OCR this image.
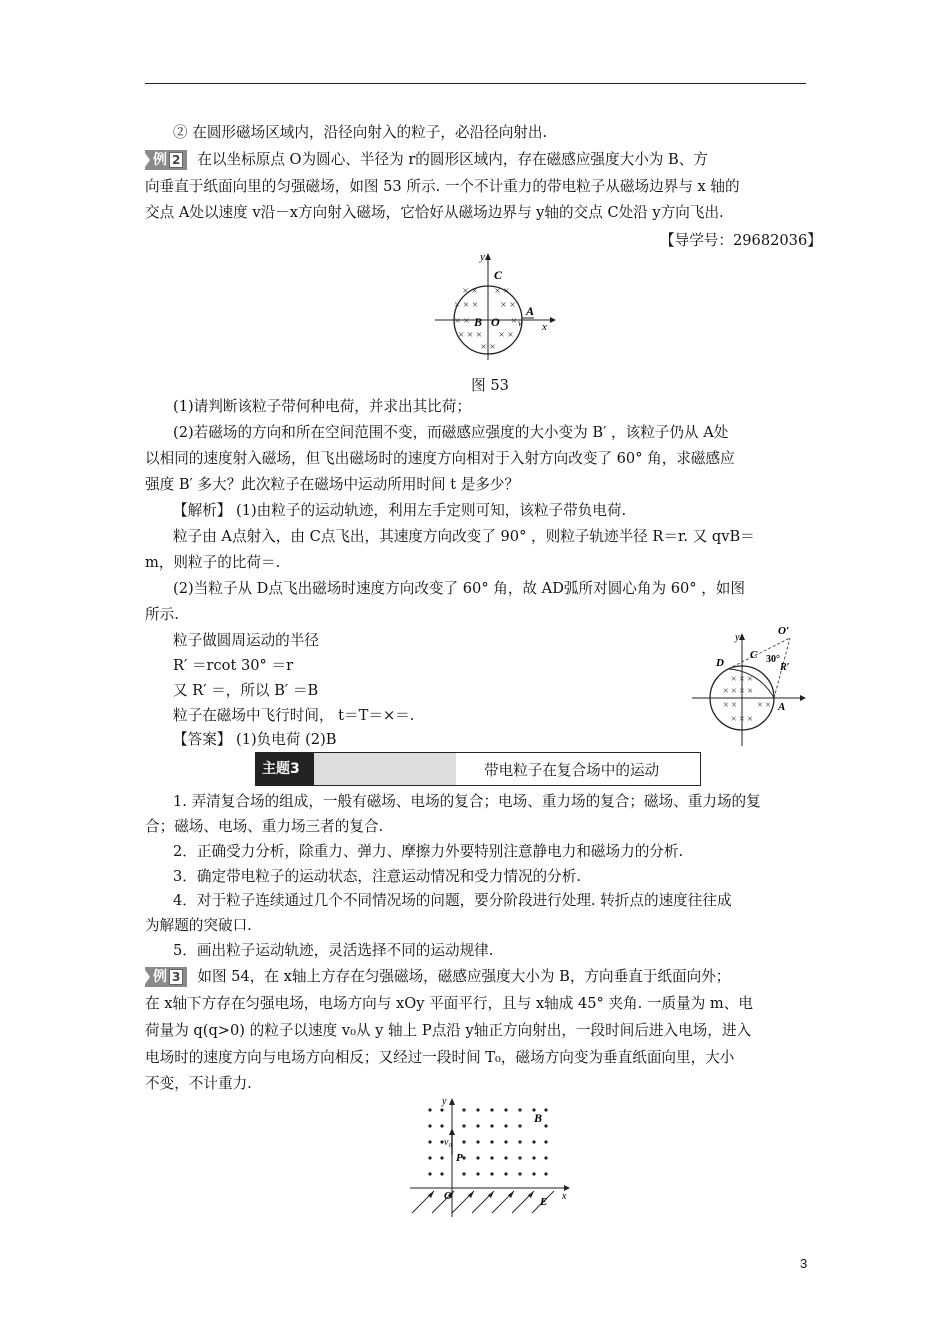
② 在圆形磁场区域内，沿径向射入的粒子，必沿径向射出.
例 2 在以坐标原点 O为圆心、半径为 r的圆形区域内，存在磁感应强度大小为 B、方
向垂直于纸面向里的匀强磁场，如图 53 所示. 一个不计重力的带电粒子从磁场边界与 x 轴的
交点 A处以速度 v沿－x方向射入磁场，它恰好从磁场边界与 y轴的交点 C处沿 y方向飞出.
【导学号：29682036】
× × × ×
× × × × ×
× ×	×
× × × × ×
× ×
y
x
C
A
B O v
图 53
(1)请判断该粒子带何种电荷，并求出其比荷；
(2)若磁场的方向和所在空间范围不变，而磁感应强度的大小变为 B′ ，该粒子仍从 A处
以相同的速度射入磁场，但飞出磁场时的速度方向相对于入射方向改变了 60° 角，求磁感应
强度 B′ 多大？此次粒子在磁场中运动所用时间 t 是多少？
【解析】 (1)由粒子的运动轨迹，利用左手定则可知，该粒子带负电荷.
粒子由 A点射入，由 C点飞出，其速度方向改变了 90° ，则粒子轨迹半径 R＝r. 又 qvB＝
m，则粒子的比荷＝.
(2)当粒子从 D点飞出磁场时速度方向改变了 60° 角，故 AD弧所对圆心角为 60° ，如图
所示.
粒子做圆周运动的半径
R′ ＝rcot 30° ＝r
又 R′ ＝，所以 B′ ＝B
粒子在磁场中飞行时间， t＝T＝×＝.
【答案】 (1)负电荷 (2)B
× × ×
× × × ×
× × × ×
× × ×
y
O′
D
C
R′
30°
A
主题3	带电粒子在复合场中的运动
1. 弄清复合场的组成，一般有磁场、电场的复合；电场、重力场的复合；磁场、重力场的复
合；磁场、电场、重力场三者的复合.
2．正确受力分析，除重力、弹力、摩擦力外要特别注意静电力和磁场力的分析.
3．确定带电粒子的运动状态，注意运动情况和受力情况的分析.
4．对于粒子连续通过几个不同情况场的问题，要分阶段进行处理. 转折点的速度往往成
为解题的突破口.
5．画出粒子运动轨迹，灵活选择不同的运动规律.
例 3 如图 54，在 x轴上方存在匀强磁场，磁感应强度大小为 B，方向垂直于纸面向外；
在 x轴下方存在匀强电场，电场方向与 xOy 平面平行，且与 x轴成 45° 夹角. 一质量为 m、电
荷量为 q(q>0) 的粒子以速度 v₀从 y 轴上 P点沿 y轴正方向射出，一段时间后进入电场，进入
电场时的速度方向与电场方向相反；又经过一段时间 T₀，磁场方向变为垂直纸面向里，大小
不变，不计重力.
y
x
B
v₀
P
O	E
3
